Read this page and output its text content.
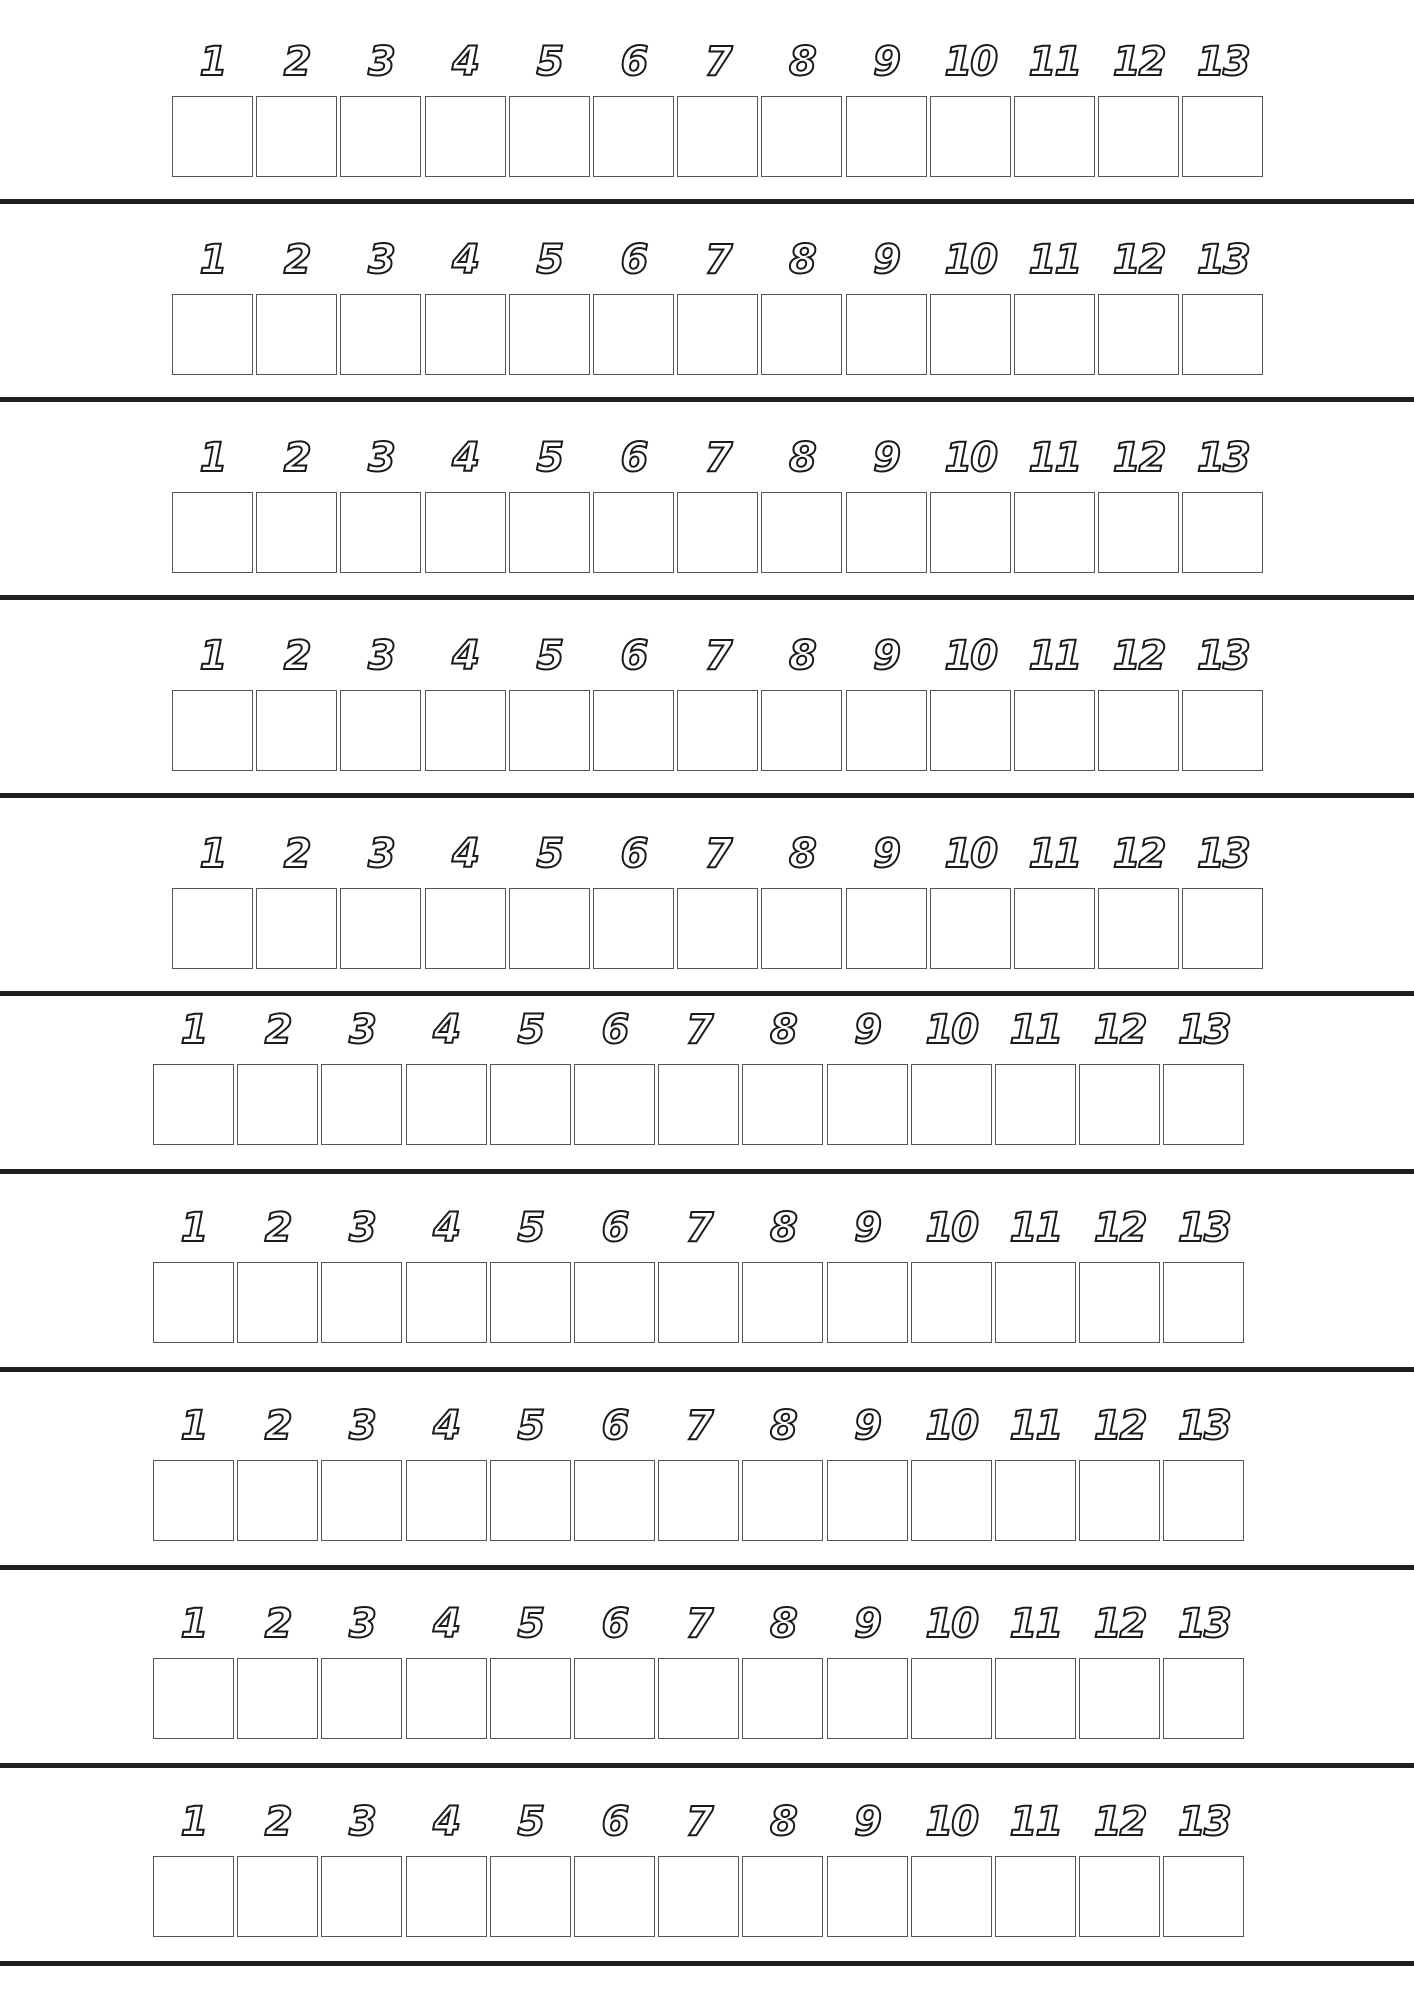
1	2	3	4	5	6	7	8	9	10 11 12 13
1	2	3	4	5	6	7	8	9	10 11 12 13
1	2	3	4	5	6	7	8	9	10 11 12 13
1	2	3	4	5	6	7	8	9	10 11 12 13
1	2	3	4	5	6	7	8	9	10 11 12 13
1	2	3	4	5	6	7	8	9	10 11 12 13
1	2	3	4	5	6	7	8	9	10 11 12 13
1	2	3	4	5	6	7	8	9	10 11 12 13
1	2	3	4	5	6	7	8	9	10 11 12 13
1	2	3	4	5	6	7	8	9	10 11 12 13
